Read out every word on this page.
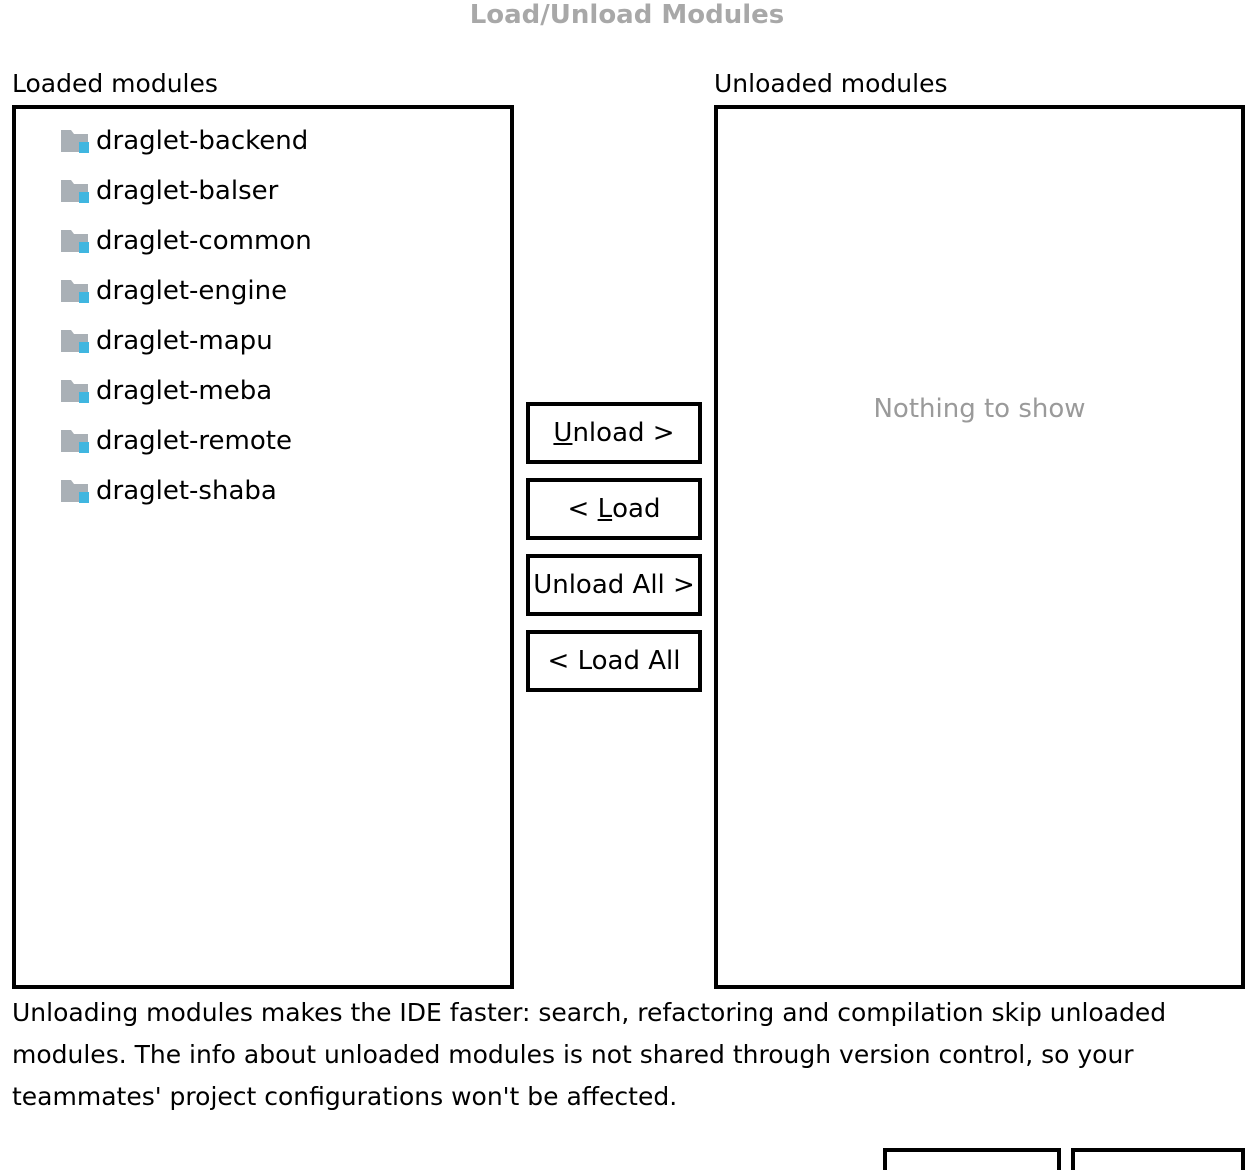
Load/Unload Modules
Loaded modules
draglet-backend
draglet-balser
draglet-common
draglet-engine
draglet-mapu
draglet-meba
draglet-remote
draglet-shaba
U nload >
< L oad
Unload All >
< Load All
Unloaded modules
Nothing to show
Unloading modules makes the IDE faster: search, refactoring and compilation skip unloaded modules. The info about unloaded modules is not shared through version control, so your teammates' project configurations won't be affected.
